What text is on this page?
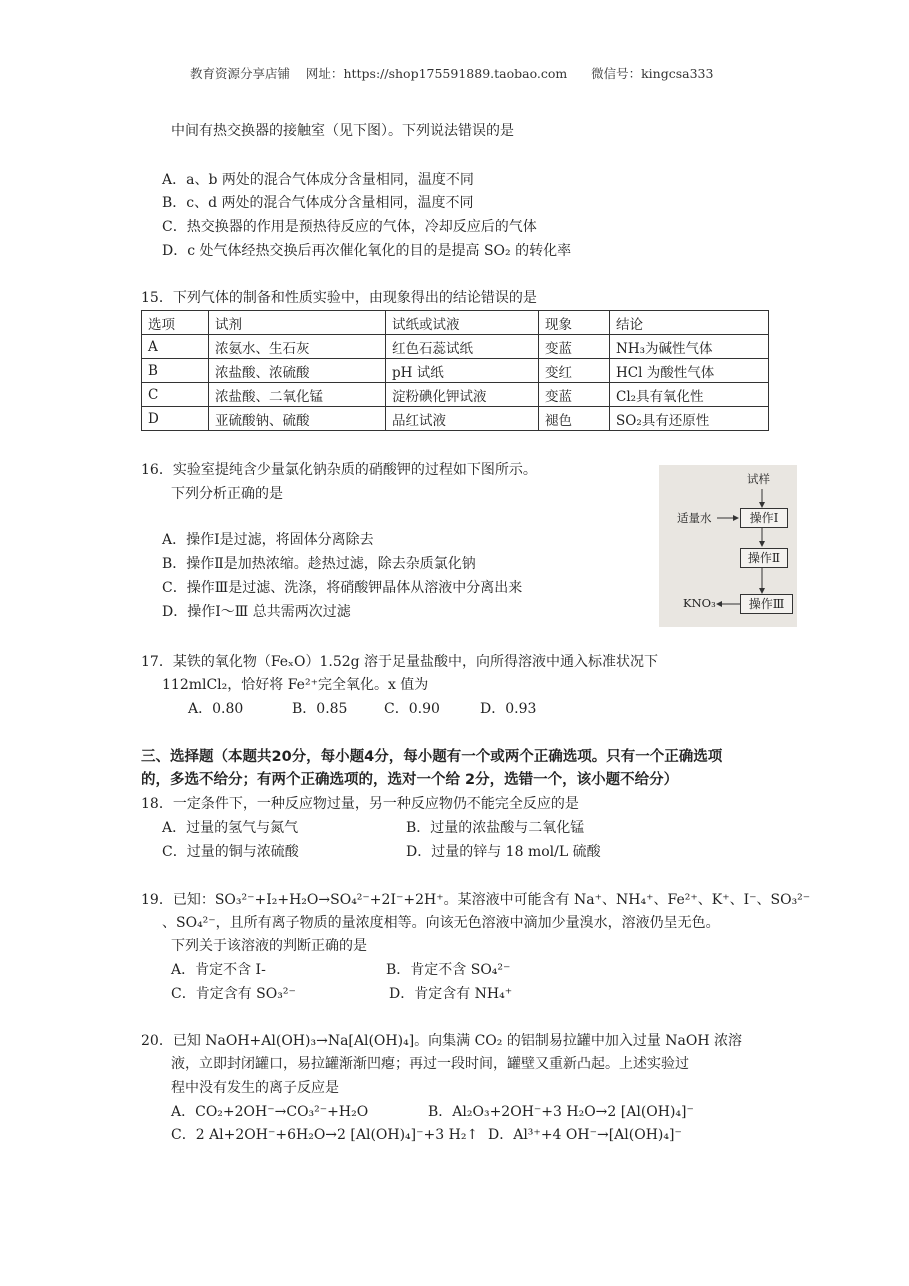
教育资源分享店铺 网址：https://shop175591889.taobao.com 微信号：kingcsa333
中间有热交换器的接触室（见下图）。下列说法错误的是
A．a、b 两处的混合气体成分含量相同，温度不同
B．c、d 两处的混合气体成分含量相同，温度不同
C．热交换器的作用是预热待反应的气体，冷却反应后的气体
D．c 处气体经热交换后再次催化氧化的目的是提高 SO₂ 的转化率
15．下列气体的制备和性质实验中，由现象得出的结论错误的是
选项	试剂	试纸或试液	现象	结论
A	浓氨水、生石灰	红色石蕊试纸	变蓝	NH₃为碱性气体
B	浓盐酸、浓硫酸	pH 试纸	变红	HCl 为酸性气体
C	浓盐酸、二氧化锰	淀粉碘化钾试液	变蓝	Cl₂具有氧化性
D	亚硫酸钠、硫酸	品红试液	褪色	SO₂具有还原性
16．实验室提纯含少量氯化钠杂质的硝酸钾的过程如下图所示。
下列分析正确的是
A．操作Ⅰ是过滤，将固体分离除去
B．操作Ⅱ是加热浓缩。趁热过滤，除去杂质氯化钠
C．操作Ⅲ是过滤、洗涤，将硝酸钾晶体从溶液中分离出来
D．操作Ⅰ～Ⅲ 总共需两次过滤
试样
适量水	操作Ⅰ
操作Ⅱ
操作Ⅲ
KNO₃
17．某铁的氧化物（FeₓO）1.52g 溶于足量盐酸中，向所得溶液中通入标准状况下
112mlCl₂，恰好将 Fe²⁺完全氧化。x 值为
A．0.80	B．0.85	C．0.90	D．0.93
三、选择题（本题共20分，每小题4分，每小题有一个或两个正确选项。只有一个正确选项
的，多选不给分；有两个正确选项的，选对一个给 2分，选错一个，该小题不给分）
18．一定条件下，一种反应物过量，另一种反应物仍不能完全反应的是
A．过量的氢气与氮气	B．过量的浓盐酸与二氧化锰
C．过量的铜与浓硫酸	D．过量的锌与 18 mol/L 硫酸
19．已知：SO₃²⁻+I₂+H₂O→SO₄²⁻+2I⁻+2H⁺。某溶液中可能含有 Na⁺、NH₄⁺、Fe²⁺、K⁺、I⁻、SO₃²⁻
、SO₄²⁻，且所有离子物质的量浓度相等。向该无色溶液中滴加少量溴水，溶液仍呈无色。
下列关于该溶液的判断正确的是
A．肯定不含 I-	B．肯定不含 SO₄²⁻
C．肯定含有 SO₃²⁻	D．肯定含有 NH₄⁺
20．已知 NaOH+Al(OH)₃→Na[Al(OH)₄]。向集满 CO₂ 的铝制易拉罐中加入过量 NaOH 浓溶
液，立即封闭罐口，易拉罐渐渐凹瘪；再过一段时间，罐壁又重新凸起。上述实验过
程中没有发生的离子反应是
A．CO₂+2OH⁻→CO₃²⁻+H₂O	B．Al₂O₃+2OH⁻+3 H₂O→2 [Al(OH)₄]⁻
C．2 Al+2OH⁻+6H₂O→2 [Al(OH)₄]⁻+3 H₂↑ D．Al³⁺+4 OH⁻→[Al(OH)₄]⁻
